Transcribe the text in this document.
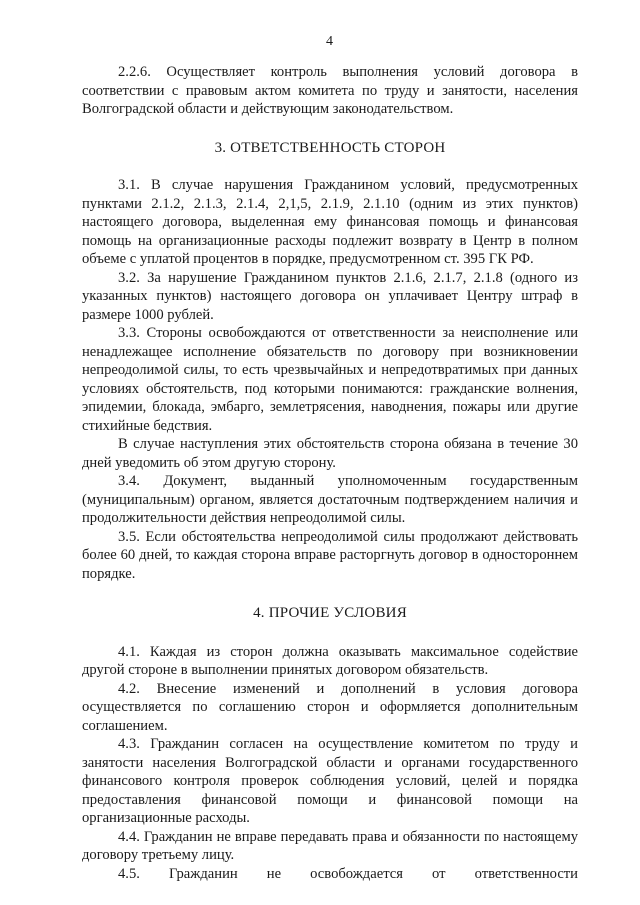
4

2.2.6. Осуществляет контроль выполнения условий договора в соответствии с правовым актом комитета по труду и занятости, населения Волгоградской области и действующим законодательством.

3. ОТВЕТСТВЕННОСТЬ СТОРОН

3.1. В случае нарушения Гражданином условий, предусмотренных пунктами 2.1.2, 2.1.3, 2.1.4, 2,1,5, 2.1.9, 2.1.10 (одним из этих пунктов) настоящего договора, выделенная ему финансовая помощь и финансовая помощь на организационные расходы подлежит возврату в Центр в полном объеме с уплатой процентов в порядке, предусмотренном ст. 395 ГК РФ.

3.2. За нарушение Гражданином пунктов 2.1.6, 2.1.7, 2.1.8 (одного из указанных пунктов) настоящего договора он уплачивает Центру штраф в размере 1000 рублей.

3.3. Стороны освобождаются от ответственности за неисполнение или ненадлежащее исполнение обязательств по договору при возникновении непреодолимой силы, то есть чрезвычайных и непредотвратимых при данных условиях обстоятельств, под которыми понимаются: гражданские волнения, эпидемии, блокада, эмбарго, землетрясения, наводнения, пожары или другие стихийные бедствия.

В случае наступления этих обстоятельств сторона обязана в течение 30 дней уведомить об этом другую сторону.

3.4. Документ, выданный уполномоченным государственным (муниципальным) органом, является достаточным подтверждением наличия и продолжительности действия непреодолимой силы.

3.5. Если обстоятельства непреодолимой силы продолжают действовать более 60 дней, то каждая сторона вправе расторгнуть договор в одностороннем порядке.

4. ПРОЧИЕ УСЛОВИЯ

4.1. Каждая из сторон должна оказывать максимальное содействие другой стороне в выполнении принятых договором обязательств.

4.2. Внесение изменений и дополнений в условия договора осуществляется по соглашению сторон и оформляется дополнительным соглашением.

4.3. Гражданин согласен на осуществление комитетом по труду и занятости населения Волгоградской области и органами государственного финансового контроля проверок соблюдения условий, целей и порядка предоставления финансовой помощи и финансовой помощи на организационные расходы.

4.4. Гражданин не вправе передавать права и обязанности по настоящему договору третьему лицу.

4.5. Гражданин не освобождается от ответственности
